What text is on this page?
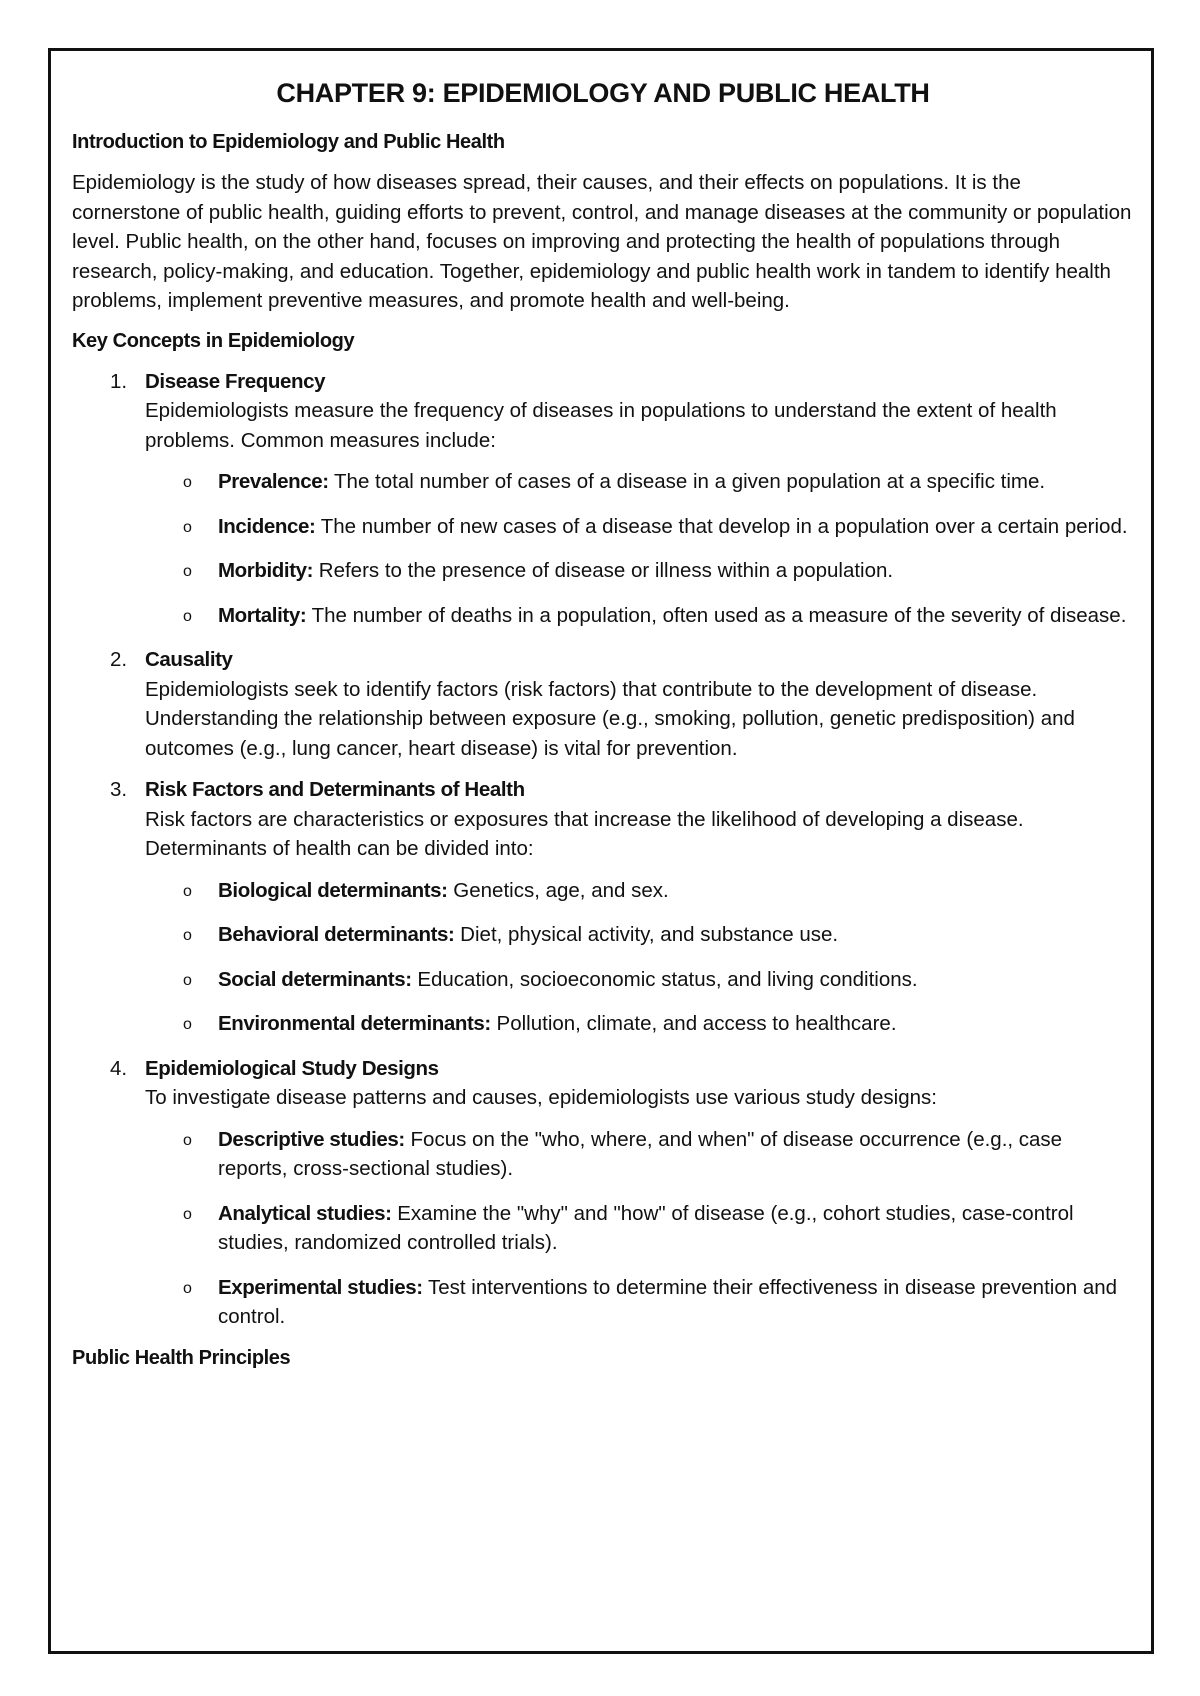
CHAPTER 9: EPIDEMIOLOGY AND PUBLIC HEALTH
Introduction to Epidemiology and Public Health

Epidemiology is the study of how diseases spread, their causes, and their effects on populations. It is the cornerstone of public health, guiding efforts to prevent, control, and manage diseases at the community or population level. Public health, on the other hand, focuses on improving and protecting the health of populations through research, policy-making, and education. Together, epidemiology and public health work in tandem to identify health problems, implement preventive measures, and promote health and well-being.

Key Concepts in Epidemiology
1. Disease Frequency
Epidemiologists measure the frequency of diseases in populations to understand the extent of health problems. Common measures include:
o Prevalence: The total number of cases of a disease in a given population at a specific time.
o Incidence: The number of new cases of a disease that develop in a population over a certain period.
o Morbidity: Refers to the presence of disease or illness within a population.
o Mortality: The number of deaths in a population, often used as a measure of the severity of disease.
2. Causality
Epidemiologists seek to identify factors (risk factors) that contribute to the development of disease. Understanding the relationship between exposure (e.g., smoking, pollution, genetic predisposition) and outcomes (e.g., lung cancer, heart disease) is vital for prevention.
3. Risk Factors and Determinants of Health
Risk factors are characteristics or exposures that increase the likelihood of developing a disease. Determinants of health can be divided into:
o Biological determinants: Genetics, age, and sex.
o Behavioral determinants: Diet, physical activity, and substance use.
o Social determinants: Education, socioeconomic status, and living conditions.
o Environmental determinants: Pollution, climate, and access to healthcare.
4. Epidemiological Study Designs
To investigate disease patterns and causes, epidemiologists use various study designs:
o Descriptive studies: Focus on the "who, where, and when" of disease occurrence (e.g., case reports, cross-sectional studies).
o Analytical studies: Examine the "why" and "how" of disease (e.g., cohort studies, case-control studies, randomized controlled trials).
o Experimental studies: Test interventions to determine their effectiveness in disease prevention and control.
Public Health Principles
